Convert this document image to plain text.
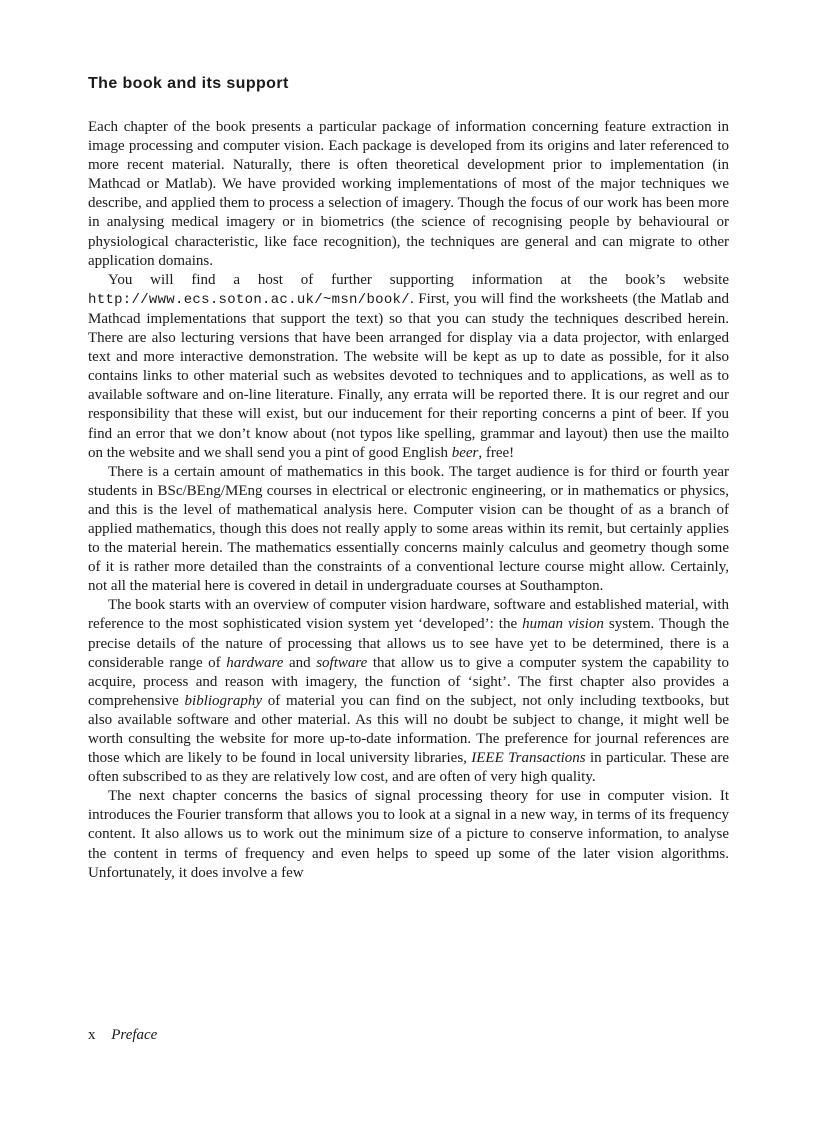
The book and its support

Each chapter of the book presents a particular package of information concerning feature extraction in image processing and computer vision. Each package is developed from its origins and later referenced to more recent material. Naturally, there is often theoretical development prior to implementation (in Mathcad or Matlab). We have provided working implementations of most of the major techniques we describe, and applied them to process a selection of imagery. Though the focus of our work has been more in analysing medical imagery or in biometrics (the science of recognising people by behavioural or physiological characteristic, like face recognition), the techniques are general and can migrate to other application domains.

You will find a host of further supporting information at the book’s website http://www.ecs.soton.ac.uk/~msn/book/. First, you will find the worksheets (the Matlab and Mathcad implementations that support the text) so that you can study the techniques described herein. There are also lecturing versions that have been arranged for display via a data projector, with enlarged text and more interactive demonstration. The website will be kept as up to date as possible, for it also contains links to other material such as websites devoted to techniques and to applications, as well as to available software and on-line literature. Finally, any errata will be reported there. It is our regret and our responsibility that these will exist, but our inducement for their reporting concerns a pint of beer. If you find an error that we don’t know about (not typos like spelling, grammar and layout) then use the mailto on the website and we shall send you a pint of good English beer, free!

There is a certain amount of mathematics in this book. The target audience is for third or fourth year students in BSc/BEng/MEng courses in electrical or electronic engineering, or in mathematics or physics, and this is the level of mathematical analysis here. Computer vision can be thought of as a branch of applied mathematics, though this does not really apply to some areas within its remit, but certainly applies to the material herein. The mathematics essentially concerns mainly calculus and geometry though some of it is rather more detailed than the constraints of a conventional lecture course might allow. Certainly, not all the material here is covered in detail in undergraduate courses at Southampton.

The book starts with an overview of computer vision hardware, software and established material, with reference to the most sophisticated vision system yet ‘developed’: the human vision system. Though the precise details of the nature of processing that allows us to see have yet to be determined, there is a considerable range of hardware and software that allow us to give a computer system the capability to acquire, process and reason with imagery, the function of ‘sight’. The first chapter also provides a comprehensive bibliography of material you can find on the subject, not only including textbooks, but also available software and other material. As this will no doubt be subject to change, it might well be worth consulting the website for more up-to-date information. The preference for journal references are those which are likely to be found in local university libraries, IEEE Transactions in particular. These are often subscribed to as they are relatively low cost, and are often of very high quality.

The next chapter concerns the basics of signal processing theory for use in computer vision. It introduces the Fourier transform that allows you to look at a signal in a new way, in terms of its frequency content. It also allows us to work out the minimum size of a picture to conserve information, to analyse the content in terms of frequency and even helps to speed up some of the later vision algorithms. Unfortunately, it does involve a few

x Preface
